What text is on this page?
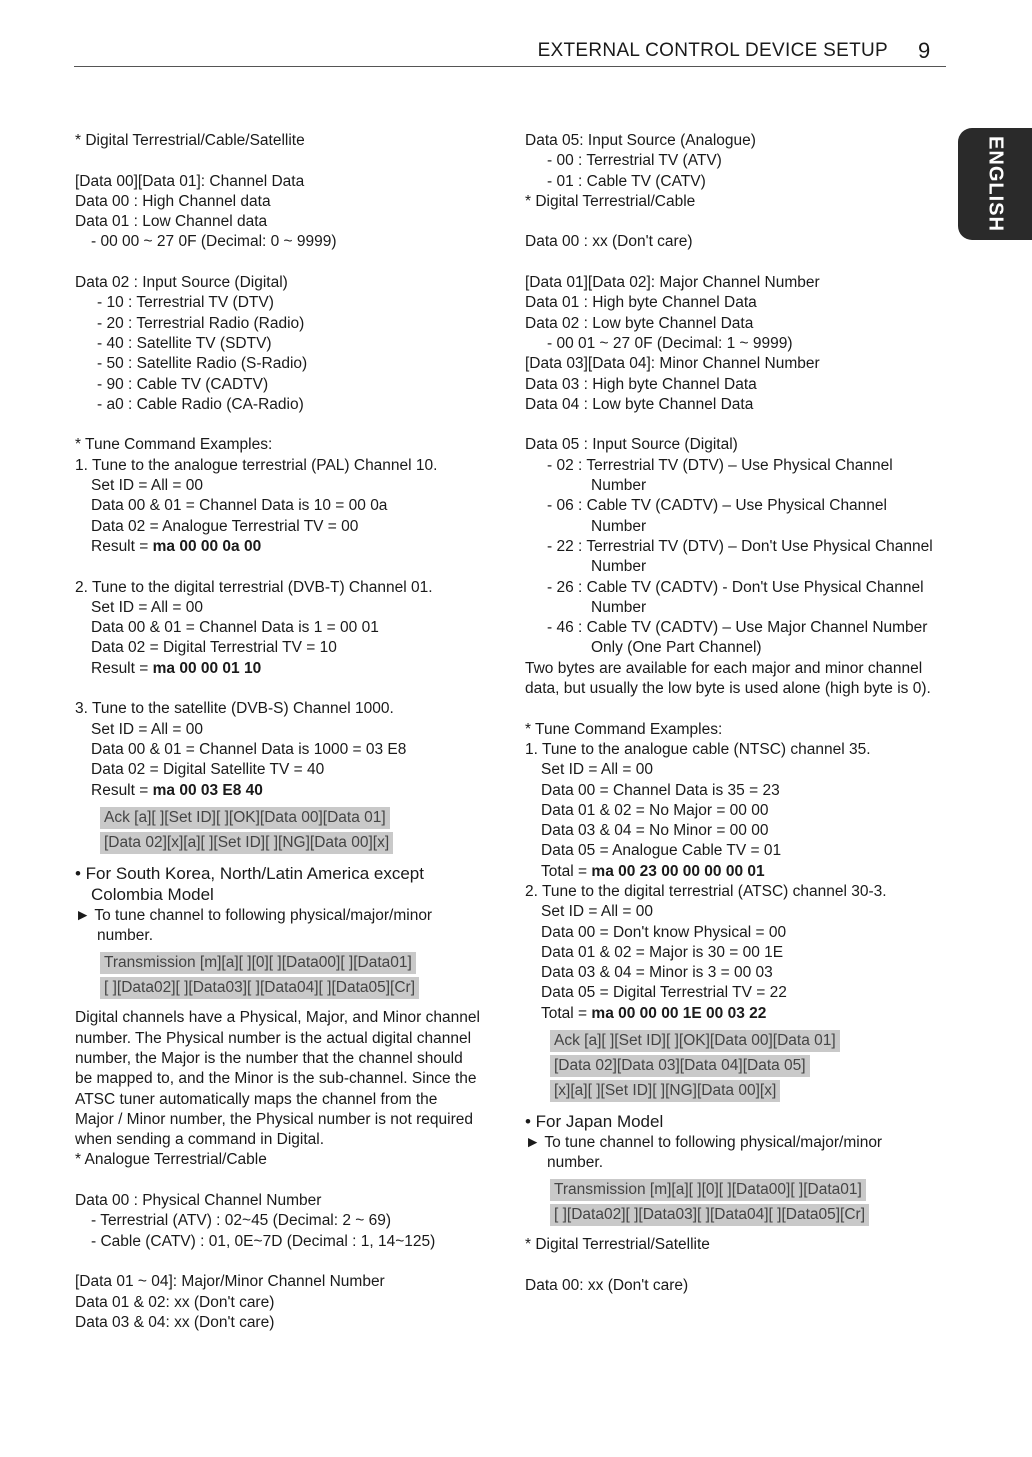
EXTERNAL CONTROL DEVICE SETUP 9
ENGLISH

* Digital Terrestrial/Cable/Satellite

[Data 00][Data 01]: Channel Data

Data 00 : High Channel data

Data 01 : Low Channel data

- 00 00 ~ 27 0F (Decimal: 0 ~ 9999)

Data 02 : Input Source (Digital)

- 10 : Terrestrial TV (DTV)

- 20 : Terrestrial Radio (Radio)

- 40 : Satellite TV (SDTV)

- 50 : Satellite Radio (S-Radio)

- 90 : Cable TV (CADTV)

- a0 : Cable Radio (CA-Radio)

* Tune Command Examples:

1. Tune to the analogue terrestrial (PAL) Channel 10.

Set ID = All = 00

Data 00 & 01 = Channel Data is 10 = 00 0a

Data 02 = Analogue Terrestrial TV = 00

Result = ma 00 00 0a 00

2. Tune to the digital terrestrial (DVB-T) Channel 01.

Set ID = All = 00

Data 00 & 01 = Channel Data is 1 = 00 01

Data 02 = Digital Terrestrial TV = 10

Result = ma 00 00 01 10

3. Tune to the satellite (DVB-S) Channel 1000.

Set ID = All = 00

Data 00 & 01 = Channel Data is 1000 = 03 E8

Data 02 = Digital Satellite TV = 40

Result = ma 00 03 E8 40

Ack [a][ ][Set ID][ ][OK][Data 00][Data 01]
[Data 02][x][a][ ][Set ID][ ][NG][Data 00][x]

• For South Korea, North/Latin America except Colombia Model

► To tune channel to following physical/major/minor number.

Transmission [m][a][ ][0][ ][Data00][ ][Data01]
[ ][Data02][ ][Data03][ ][Data04][ ][Data05][Cr]

Digital channels have a Physical, Major, and Minor channel number. The Physical number is the actual digital channel number, the Major is the number that the channel should be mapped to, and the Minor is the sub-channel. Since the ATSC tuner automatically maps the channel from the Major / Minor number, the Physical number is not required when sending a command in Digital.

* Analogue Terrestrial/Cable

Data 00 : Physical Channel Number

- Terrestrial (ATV) : 02~45 (Decimal: 2 ~ 69)

- Cable (CATV) : 01, 0E~7D (Decimal : 1, 14~125)

[Data 01 ~ 04]: Major/Minor Channel Number

Data 01 & 02: xx (Don't care)

Data 03 & 04: xx (Don't care)

Data 05: Input Source (Analogue)

- 00 : Terrestrial TV (ATV)

- 01 : Cable TV (CATV)

* Digital Terrestrial/Cable

Data 00 : xx (Don't care)

[Data 01][Data 02]: Major Channel Number

Data 01 : High byte Channel Data

Data 02 : Low byte Channel Data

- 00 01 ~ 27 0F (Decimal: 1 ~ 9999)

[Data 03][Data 04]: Minor Channel Number

Data 03 : High byte Channel Data

Data 04 : Low byte Channel Data

Data 05 : Input Source (Digital)

- 02 : Terrestrial TV (DTV) – Use Physical Channel Number

- 06 : Cable TV (CADTV) – Use Physical Channel Number

- 22 : Terrestrial TV (DTV) – Don't Use Physical Channel Number

- 26 : Cable TV (CADTV) - Don't Use Physical Channel Number

- 46 : Cable TV (CADTV) – Use Major Channel Number Only (One Part Channel)

Two bytes are available for each major and minor channel data, but usually the low byte is used alone (high byte is 0).

* Tune Command Examples:

1. Tune to the analogue cable (NTSC) channel 35.

Set ID = All = 00

Data 00 = Channel Data is 35 = 23

Data 01 & 02 = No Major = 00 00

Data 03 & 04 = No Minor = 00 00

Data 05 = Analogue Cable TV = 01

Total = ma 00 23 00 00 00 00 01

2. Tune to the digital terrestrial (ATSC) channel 30-3.

Set ID = All = 00

Data 00 = Don't know Physical = 00

Data 01 & 02 = Major is 30 = 00 1E

Data 03 & 04 = Minor is 3 = 00 03

Data 05 = Digital Terrestrial TV = 22

Total = ma 00 00 00 1E 00 03 22

Ack [a][ ][Set ID][ ][OK][Data 00][Data 01]
[Data 02][Data 03][Data 04][Data 05]
[x][a][ ][Set ID][ ][NG][Data 00][x]

• For Japan Model

► To tune channel to following physical/major/minor number.

Transmission [m][a][ ][0][ ][Data00][ ][Data01]
[ ][Data02][ ][Data03][ ][Data04][ ][Data05][Cr]

* Digital Terrestrial/Satellite

Data 00: xx (Don't care)
